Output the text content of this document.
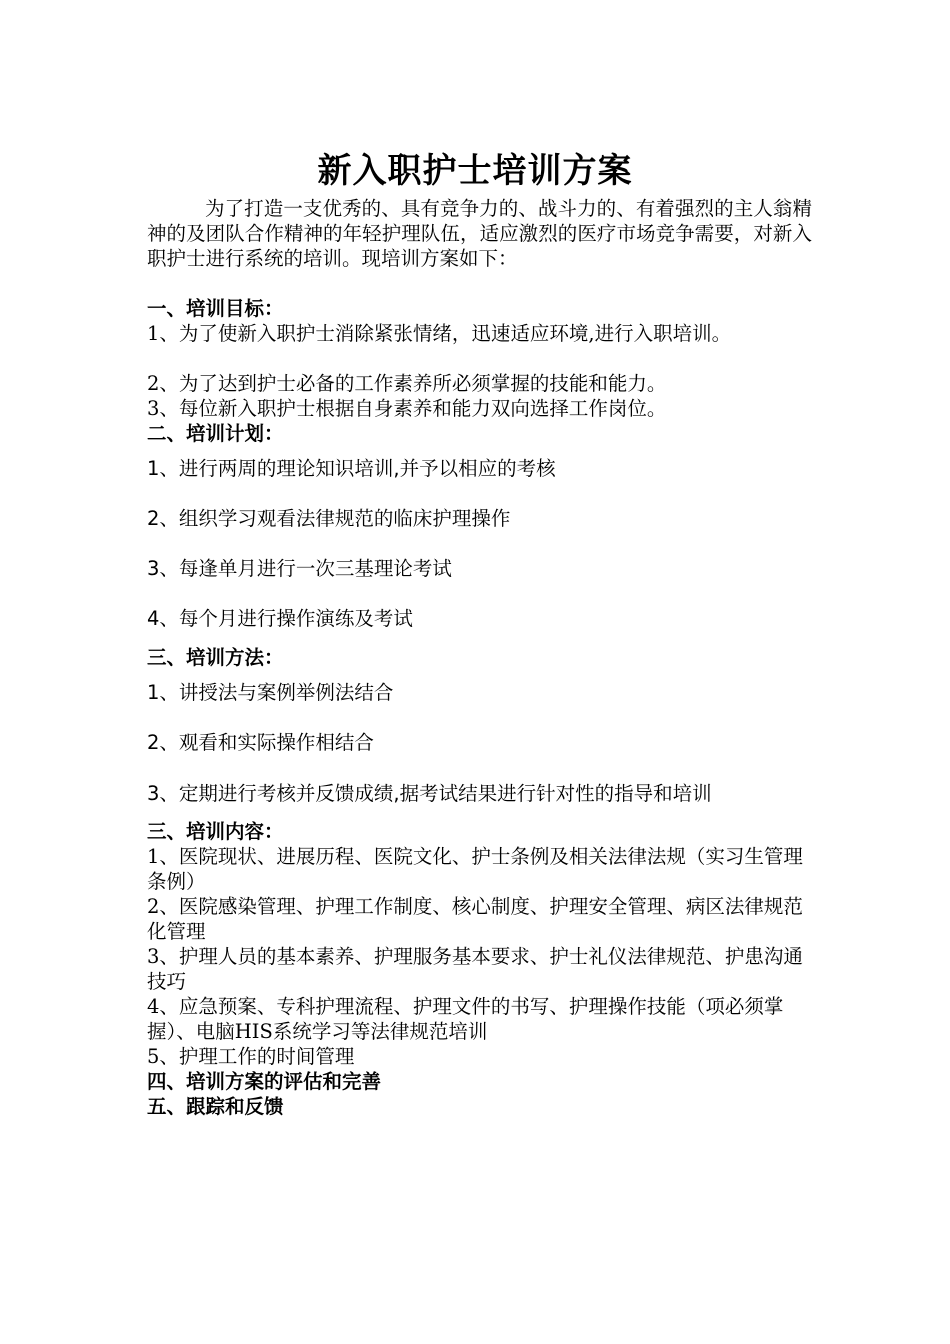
新入职护士培训方案
为了打造一支优秀的、具有竞争力的、战斗力的、有着强烈的主人翁精神的及团队合作精神的年轻护理队伍，适应激烈的医疗市场竞争需要，对新入职护士进行系统的培训。现培训方案如下：
一、培训目标：
1、为了使新入职护士消除紧张情绪，迅速适应环境,进行入职培训。
2、为了达到护士必备的工作素养所必须掌握的技能和能力。
3、每位新入职护士根据自身素养和能力双向选择工作岗位。
二、培训计划：
1、进行两周的理论知识培训,并予以相应的考核
2、组织学习观看法律规范的临床护理操作
3、每逢单月进行一次三基理论考试
4、每个月进行操作演练及考试
三、培训方法：
1、讲授法与案例举例法结合
2、观看和实际操作相结合
3、定期进行考核并反馈成绩,据考试结果进行针对性的指导和培训
三、培训内容：
1、医院现状、进展历程、医院文化、护士条例及相关法律法规（实习生管理条例）
2、医院感染管理、护理工作制度、核心制度、护理安全管理、病区法律规范化管理
3、护理人员的基本素养、护理服务基本要求、护士礼仪法律规范、护患沟通技巧
4、应急预案、专科护理流程、护理文件的书写、护理操作技能（项必须掌握）、电脑HIS系统学习等法律规范培训
5、护理工作的时间管理
四、培训方案的评估和完善
五、跟踪和反馈
